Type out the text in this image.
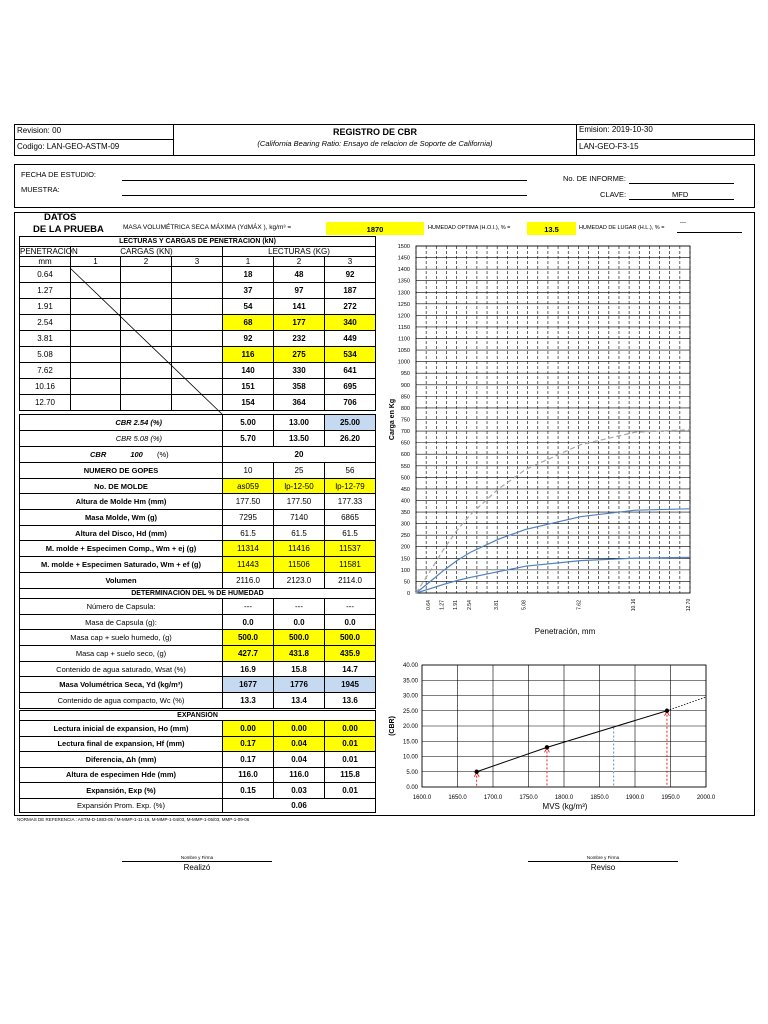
Revision: 00
Codigo: LAN-GEO-ASTM-09
REGISTRO DE CBR
(California Bearing Ratio: Ensayo de relacion de Soporte de California)
Emision: 2019-10-30
LAN-GEO-F3-15
FECHA DE ESTUDIO:
MUESTRA:
No. DE INFORME:
CLAVE:	MFD
DATOS
DE LA PRUEBA	MASA VOLUMÉTRICA SECA MÁXIMA (YdMÁX ), kg/m³ =	1870	HUMEDAD OPTIMA (H.O.I.), % =	13.5	HUMEDAD DE LUGAR (H.L.), % =
---
LECTURAS Y CARGAS DE PENETRACION (kN)						
PENETRACION	CARGAS (KN)			LECTURAS (KG)		
mm	1	2	3	1	2	3
0.64				18	48	92
1.27				37	97	187
1.91				54	141	272
2.54				68	177	340
3.81				92	232	449
5.08				116	275	534
7.62				140	330	641
10.16				151	358	695
12.70				154	364	706
CBR 2.54 (%)	5.00	13.00	25.00
CBR 5.08 (%)	5.70	13.50	26.20
CBR 100 (%)	20		
NUMERO DE GOPES	10	25	56
No. DE MOLDE	as059	lp-12-50	lp-12-79
Altura de Molde Hm (mm)	177.50	177.50	177.33
Masa Molde, Wm (g)	7295	7140	6865
Altura del Disco, Hd (mm)	61.5	61.5	61.5
M. molde + Especimen Comp., Wm + ej (g)	11314	11416	11537
M. molde + Especimen Saturado, Wm + ef (g)	11443	11506	11581
Volumen	2116.0	2123.0	2114.0
DETERMINACIÓN DEL % DE HUMEDAD			
Número de Capsula:	---	---	---
Masa de Capsula (g):	0.0	0.0	0.0
Masa cap + suelo humedo, (g)	500.0	500.0	500.0
Masa cap + suelo seco, (g)	427.7	431.8	435.9
Contenido de agua saturado, Wsat (%)	16.9	15.8	14.7
Masa Volumétrica Seca, Yd (kg/m³)	1677	1776	1945
Contenido de agua compacto, Wc (%)	13.3	13.4	13.6
EXPANSIÓN			
Lectura inicial de expansion, Ho (mm)	0.00	0.00	0.00
Lectura final de expansion, Hf (mm)	0.17	0.04	0.01
Diferencia, Δh (mm)	0.17	0.04	0.01
Altura de especimen Hde (mm)	116.0	116.0	115.8
Expansión, Exp (%)	0.15	0.03	0.01
Expansión Prom. Exp. (%)	0.06		
0
50
100
150
200
250
300
350
400
450
500
550
600
650
700
750
800
850
900
950
1000
1050
1100
1150
1200
1250
1300
1350
1400
1450
1500
0.64 1.27 1.91 2.54	3.81	5.08	7.62	10.16	12.70
Carga en Kg
Penetración, mm
0.00
5.00
10.00
15.00
20.00
25.00
30.00
35.00
40.00
1600.0	1650.0	1700.0	1750.0	1800.0	1850.0	1900.0	1950.0	2000.0
(CBR)
MVS (kg/m³)
NORMAS DE REFERENCIA : ASTM-D-1883-05 / M-MMP-1-11-16, M-MMP-1-04/03, M-MMP-1-05/03, MMP-1-09-06
Nombre y Firma
Realizó
Nombre y Firma
Reviso
